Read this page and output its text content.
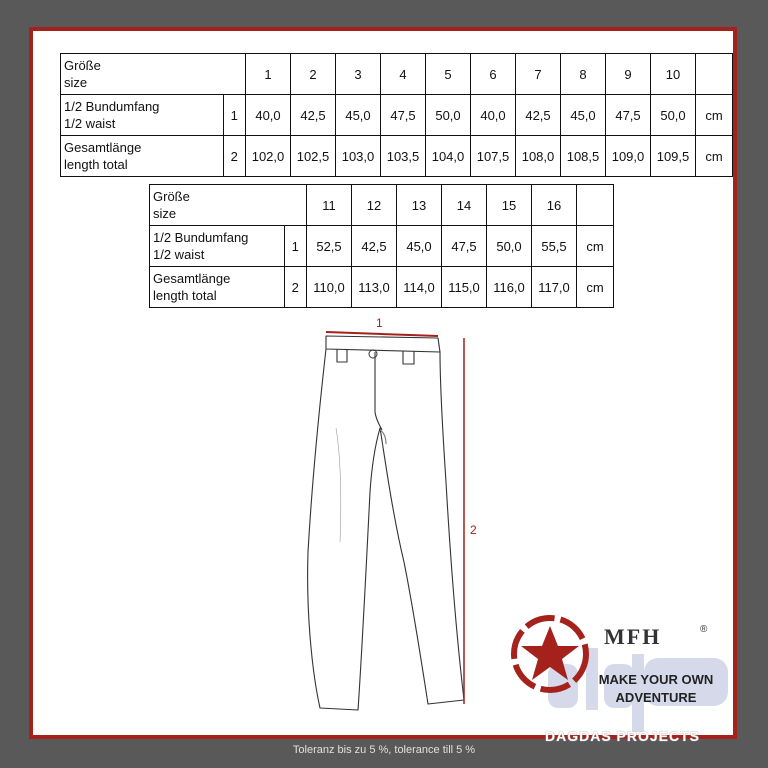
Größe
size		1	2	3	4	5	6	7	8	9	10	
1/2 Bundumfang
1/2 waist	1	40,0	42,5	45,0	47,5	50,0	40,0	42,5	45,0	47,5	50,0	cm
Gesamtlänge
length total	2	102,0	102,5	103,0	103,5	104,0	107,5	108,0	108,5	109,0	109,5	cm
Größe
size		11	12	13	14	15	16	
1/2 Bundumfang
1/2 waist	1	52,5	42,5	45,0	47,5	50,0	55,5	cm
Gesamtlänge
length total	2	110,0	113,0	114,0	115,0	116,0	117,0	cm
1
2
MFH	®
MAKE YOUR OWN
ADVENTURE
DAGDAS PROJECTS
Toleranz bis zu 5 %, tolerance till 5 %
